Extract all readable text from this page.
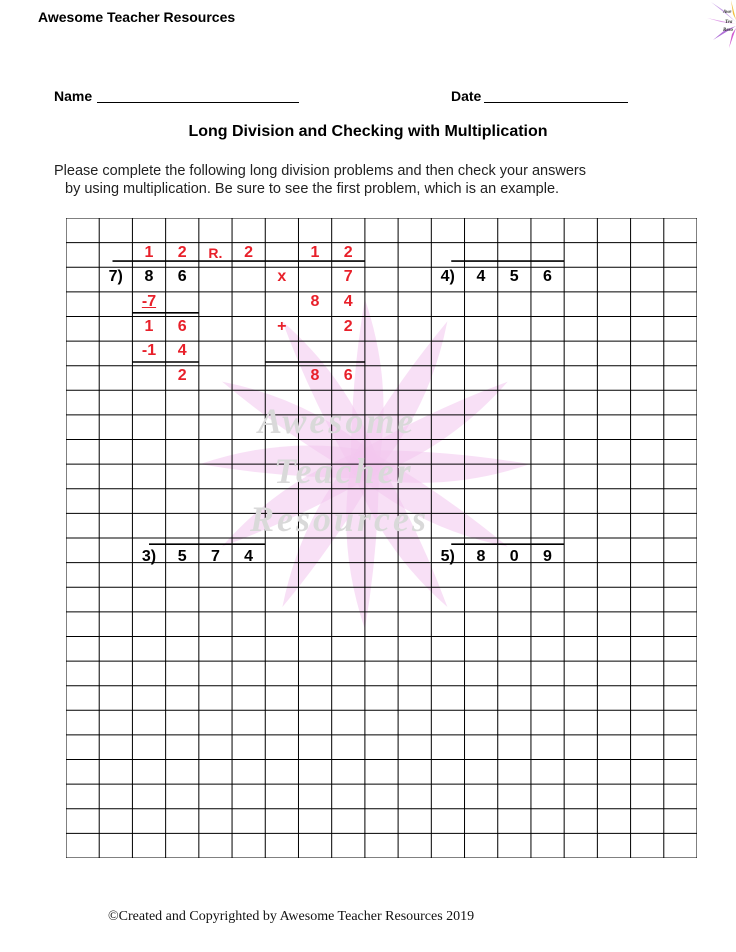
Awesome Teacher Resources	Awe
Tea
Reso
Name	Date
Long Division and Checking with Multiplication
Please complete the following long division problems and then check your answers
by using multiplication. Be sure to see the first problem, which is an example.
Awesome
Teacher
Resources
1	2	R.	2	1	2
7)	8	6	x	7	4)	4	5	6
-7	8	4
1	6	+	2
-1	4
2	8	6
3)	5	7	4	5)	8	0	9
©Created and Copyrighted by Awesome Teacher Resources 2019
